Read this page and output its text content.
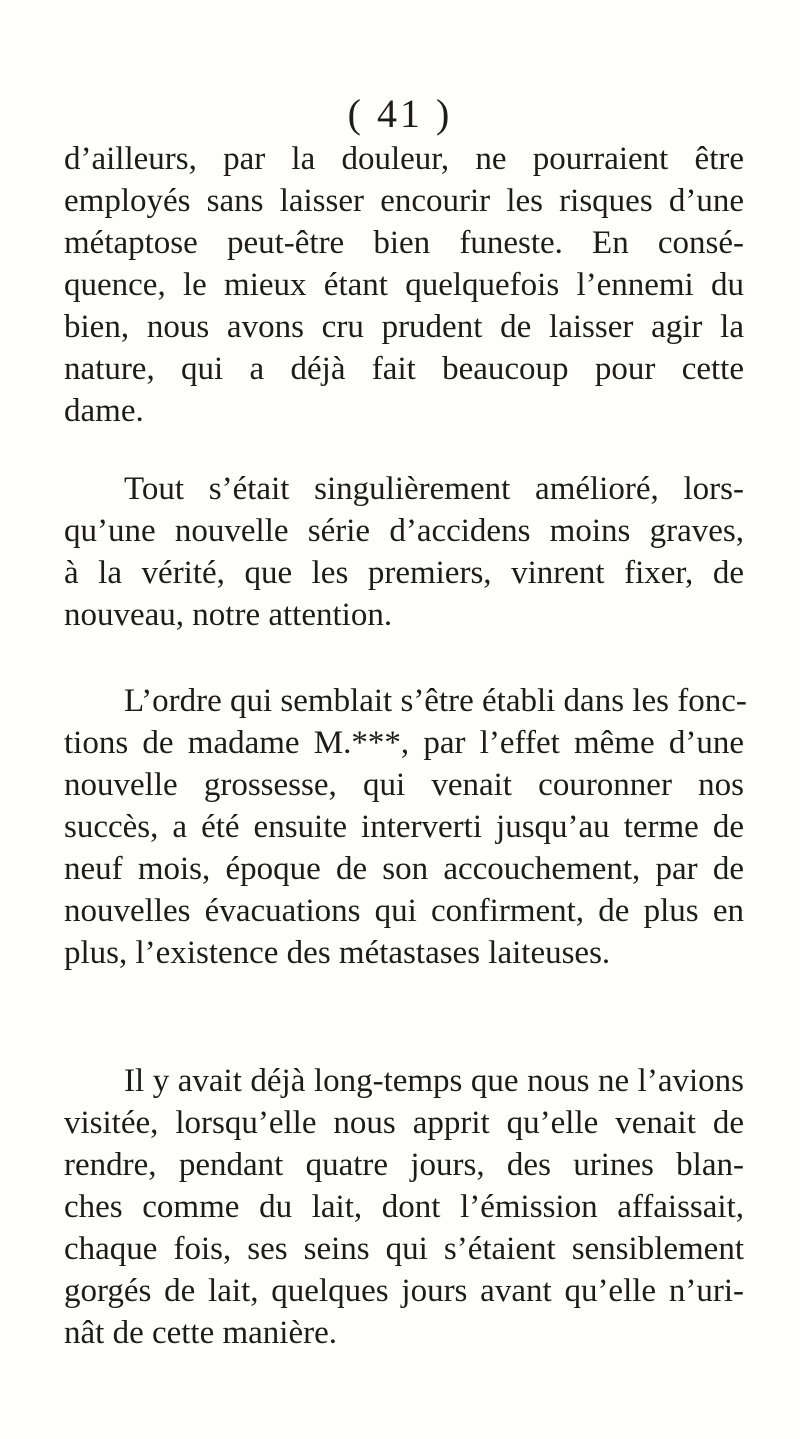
( 41 )
d’ailleurs, par la douleur, ne pourraient être
employés sans laisser encourir les risques d’une
métaptose peut-être bien funeste. En consé-
quence, le mieux étant quelquefois l’ennemi du
bien, nous avons cru prudent de laisser agir la
nature, qui a déjà fait beaucoup pour cette
dame.
Tout s’était singulièrement amélioré, lors-
qu’une nouvelle série d’accidens moins graves,
à la vérité, que les premiers, vinrent fixer, de
nouveau, notre attention.
L’ordre qui semblait s’être établi dans les fonc-
tions de madame M.***, par l’effet même d’une
nouvelle grossesse, qui venait couronner nos
succès, a été ensuite interverti jusqu’au terme de
neuf mois, époque de son accouchement, par de
nouvelles évacuations qui confirment, de plus en
plus, l’existence des métastases laiteuses.
Il y avait déjà long-temps que nous ne l’avions
visitée, lorsqu’elle nous apprit qu’elle venait de
rendre, pendant quatre jours, des urines blan-
ches comme du lait, dont l’émission affaissait,
chaque fois, ses seins qui s’étaient sensiblement
gorgés de lait, quelques jours avant qu’elle n’uri-
nât de cette manière.
